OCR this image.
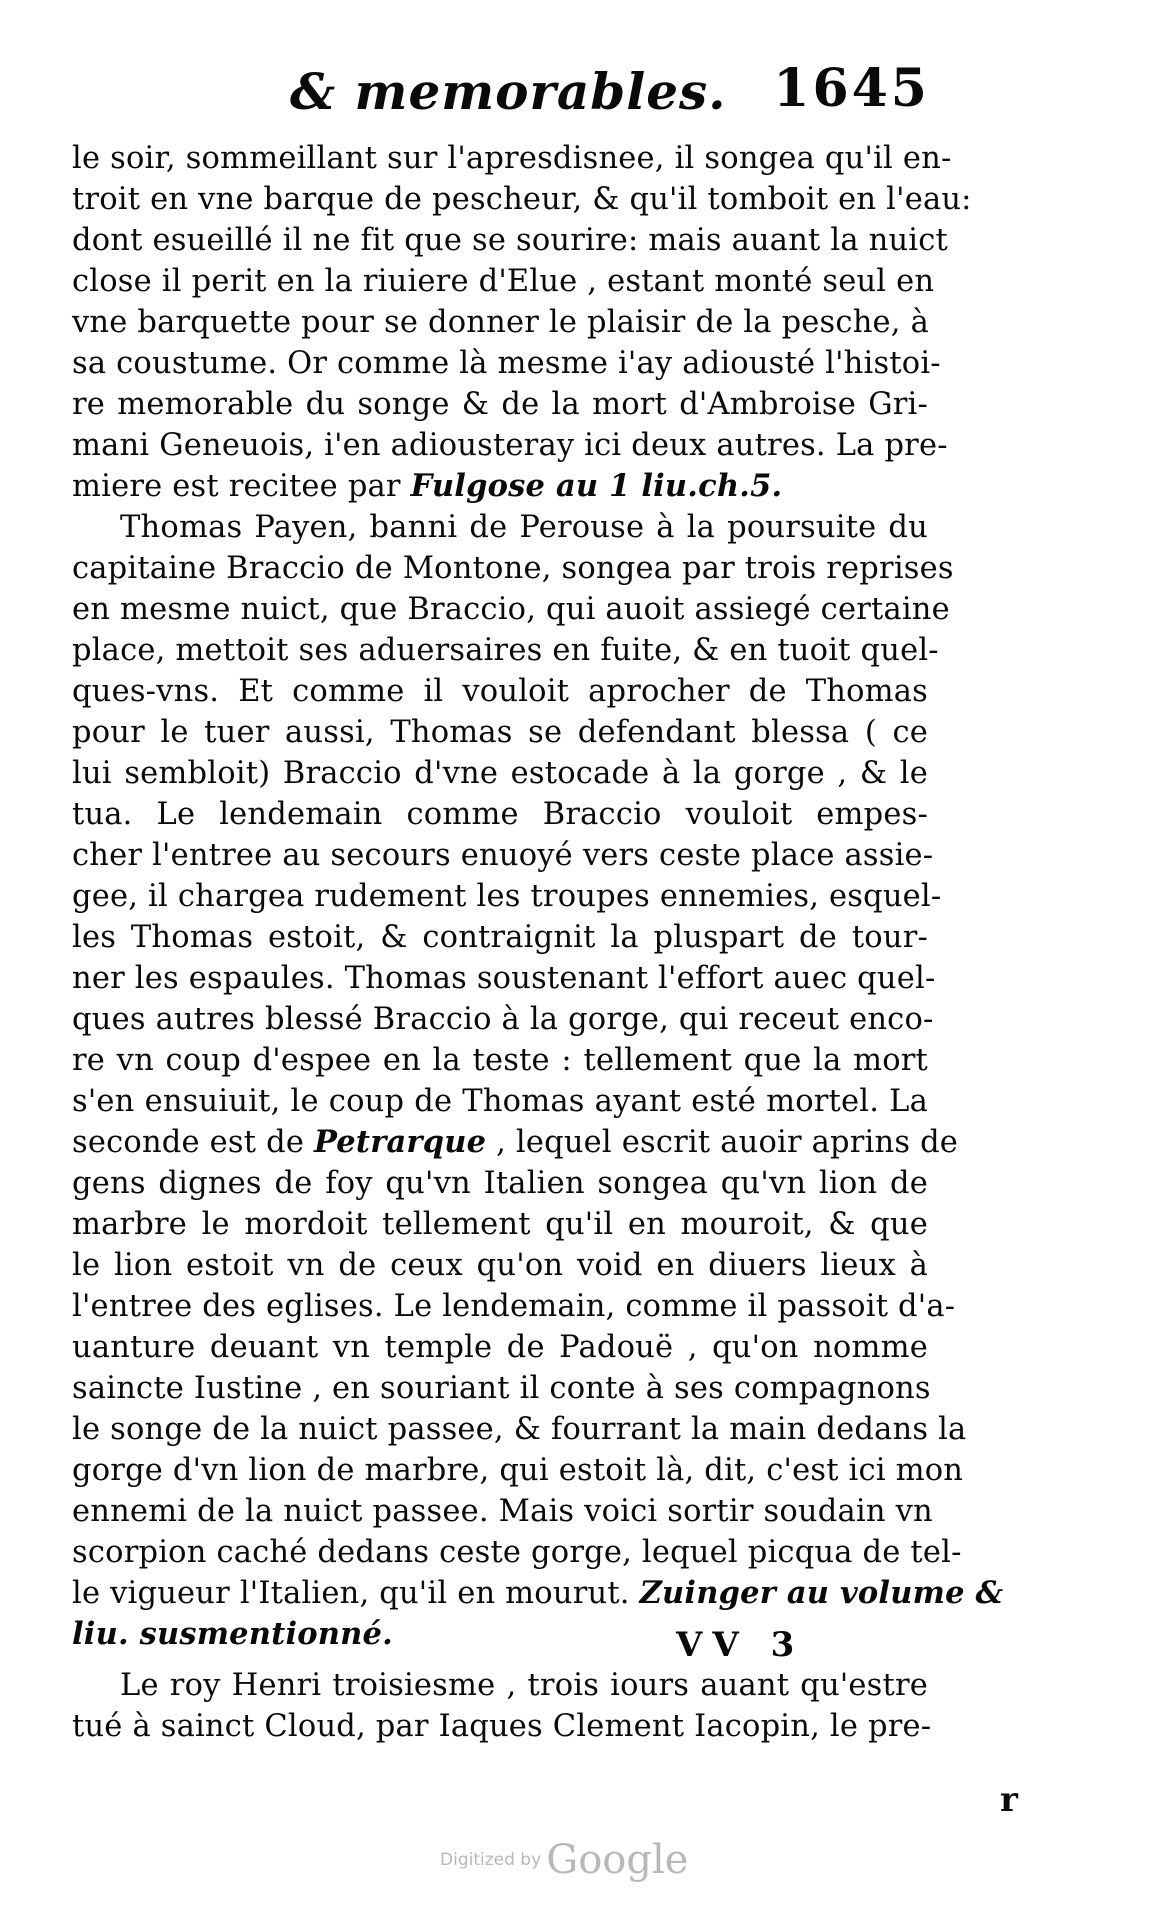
& memorables. 1645
le soir, sommeillant sur l'apresdisnee, il songea qu'il en-
troit en vne barque de pescheur, & qu'il tomboit en l'eau:
dont esueillé il ne fit que se sourire: mais auant la nuict
close il perit en la riuiere d'Elue , estant monté seul en
vne barquette pour se donner le plaisir de la pesche, à
sa coustume. Or comme là mesme i'ay adiousté l'histoi-
re memorable du songe & de la mort d'Ambroise Gri-
mani Geneuois, i'en adiousteray ici deux autres. La pre-
miere est recitee par Fulgose au 1 liu.ch.5.
Thomas Payen, banni de Perouse à la poursuite du
capitaine Braccio de Montone, songea par trois reprises
en mesme nuict, que Braccio, qui auoit assiegé certaine
place, mettoit ses aduersaires en fuite, & en tuoit quel-
ques-vns. Et comme il vouloit aprocher de Thomas
pour le tuer aussi, Thomas se defendant blessa ( ce
lui sembloit) Braccio d'vne estocade à la gorge , & le
tua. Le lendemain comme Braccio vouloit empes-
cher l'entree au secours enuoyé vers ceste place assie-
gee, il chargea rudement les troupes ennemies, esquel-
les Thomas estoit, & contraignit la pluspart de tour-
ner les espaules. Thomas soustenant l'effort auec quel-
ques autres blessé Braccio à la gorge, qui receut enco-
re vn coup d'espee en la teste : tellement que la mort
s'en ensuiuit, le coup de Thomas ayant esté mortel. La
seconde est de Petrarque , lequel escrit auoir aprins de
gens dignes de foy qu'vn Italien songea qu'vn lion de
marbre le mordoit tellement qu'il en mouroit, & que
le lion estoit vn de ceux qu'on void en diuers lieux à
l'entree des eglises. Le lendemain, comme il passoit d'a-
uanture deuant vn temple de Padouë , qu'on nomme
saincte Iustine , en souriant il conte à ses compagnons
le songe de la nuict passee, & fourrant la main dedans la
gorge d'vn lion de marbre, qui estoit là, dit, c'est ici mon
ennemi de la nuict passee. Mais voici sortir soudain vn
scorpion caché dedans ceste gorge, lequel picqua de tel-
le vigueur l'Italien, qu'il en mourut. Zuinger au volume &
liu. susmentionné.
Le roy Henri troisiesme , trois iours auant qu'estre
tué à sainct Cloud, par Iaques Clement Iacopin, le pre-
VV 3
r
Digitized by Google
